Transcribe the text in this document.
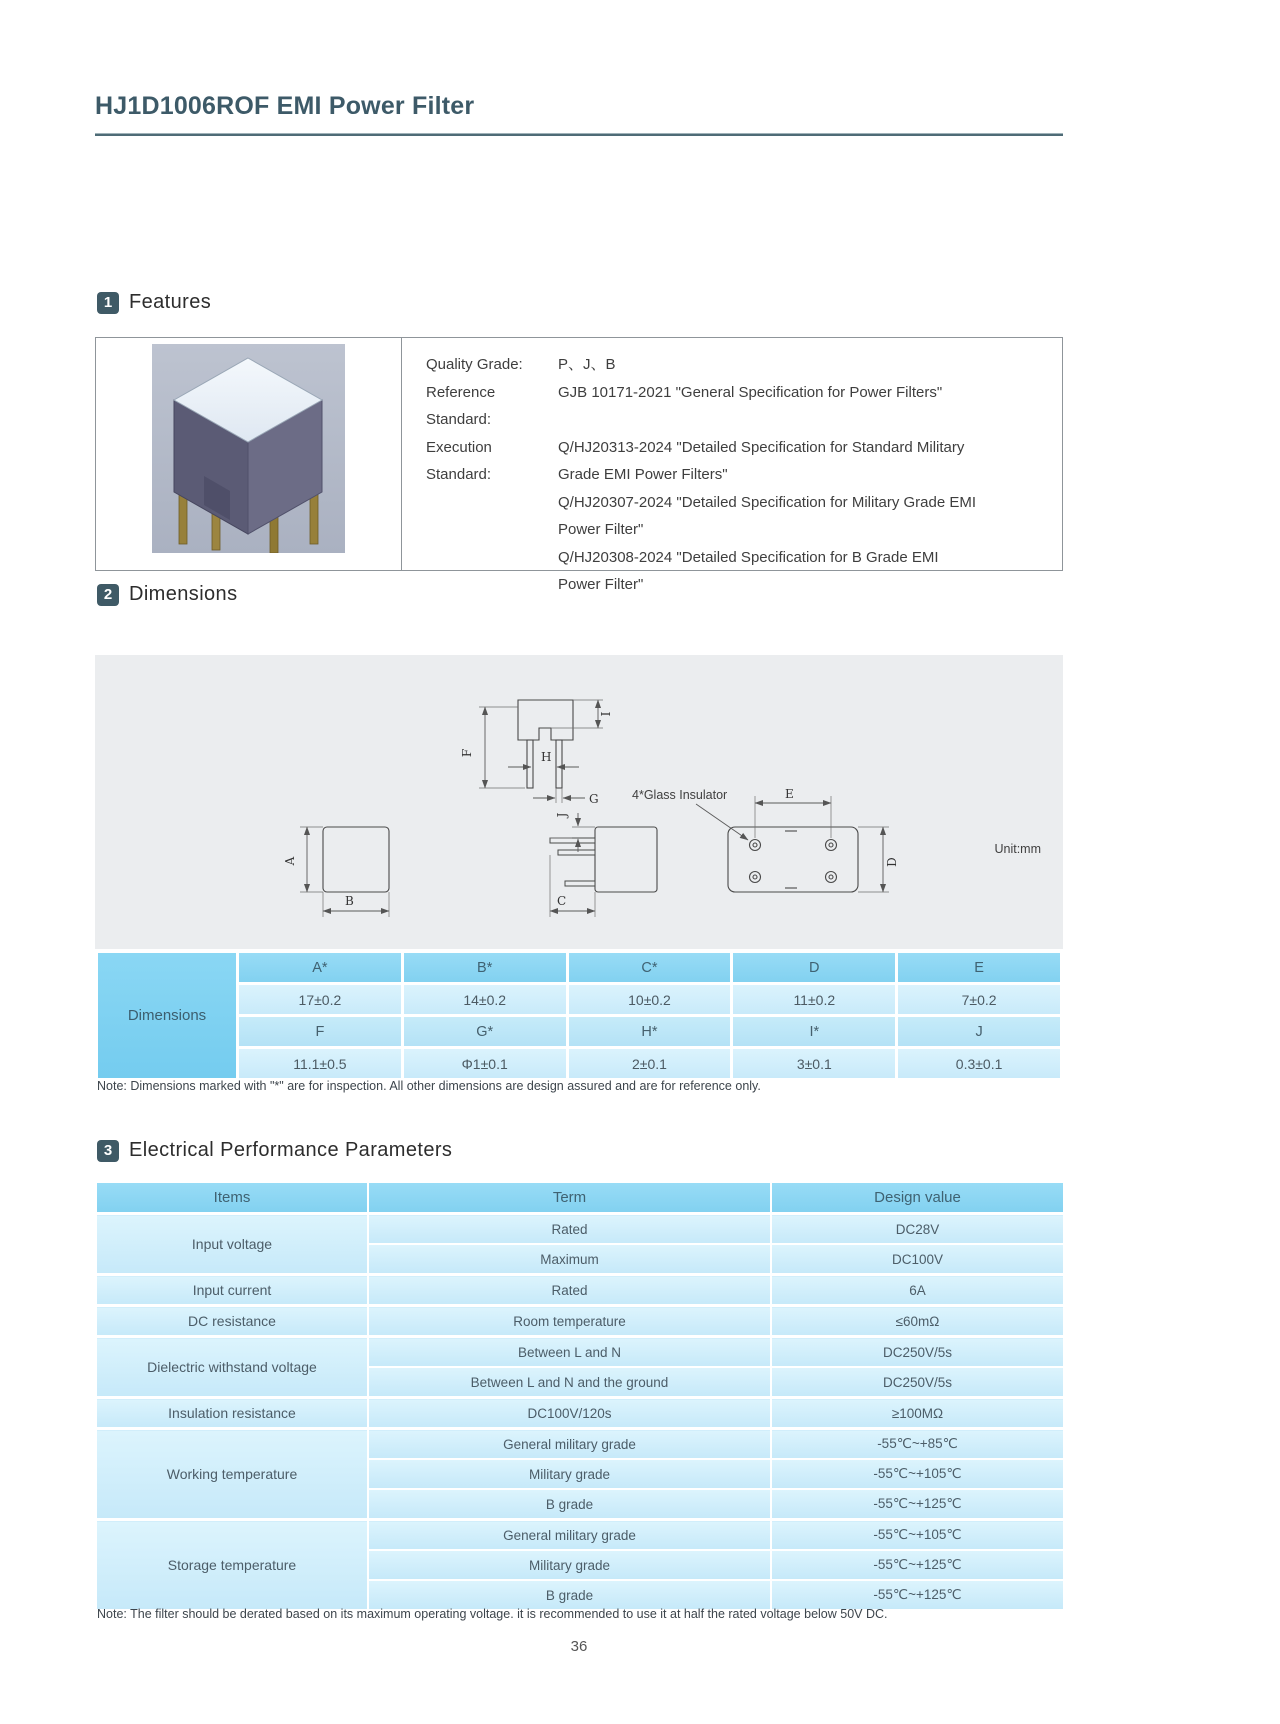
HJ1D1006ROF EMI Power Filter
1 Features
Quality Grade:	P、J、B
Reference Standard:
GJB 10171-2021 "General Specification for Power Filters"
Execution Standard:
Q/HJ20313-2024 "Detailed Specification for Standard Military
Grade EMI Power Filters"
Q/HJ20307-2024 "Detailed Specification for Military Grade EMI
Power Filter"
Q/HJ20308-2024 "Detailed Specification for B Grade EMI
Power Filter"
2 Dimensions
F
I
H
G
A
B	C
J
E
D
4*Glass Insulator
Unit:mm
Dimensions	A*	B*	C*	D	E
	17±0.2	14±0.2	10±0.2	11±0.2	7±0.2
	F	G*	H*	I*	J
	11.1±0.5	Φ1±0.1	2±0.1	3±0.1	0.3±0.1
Note: Dimensions marked with "*" are for inspection. All other dimensions are design assured and are for reference only.
3 Electrical Performance Parameters
Items	Term	Design value
Input voltage	Rated	DC28V
	Maximum	DC100V
Input current	Rated	6A
DC resistance	Room temperature	≤60mΩ
Dielectric withstand voltage	Between L and N	DC250V/5s
	Between L and N and the ground	DC250V/5s
Insulation resistance	DC100V/120s	≥100MΩ
Working temperature	General military grade	-55℃~+85℃
	Military grade	-55℃~+105℃
	B grade	-55℃~+125℃
Storage temperature	General military grade	-55℃~+105℃
	Military grade	-55℃~+125℃
	B grade	-55℃~+125℃
Note: The filter should be derated based on its maximum operating voltage. it is recommended to use it at half the rated voltage below 50V DC.
36
